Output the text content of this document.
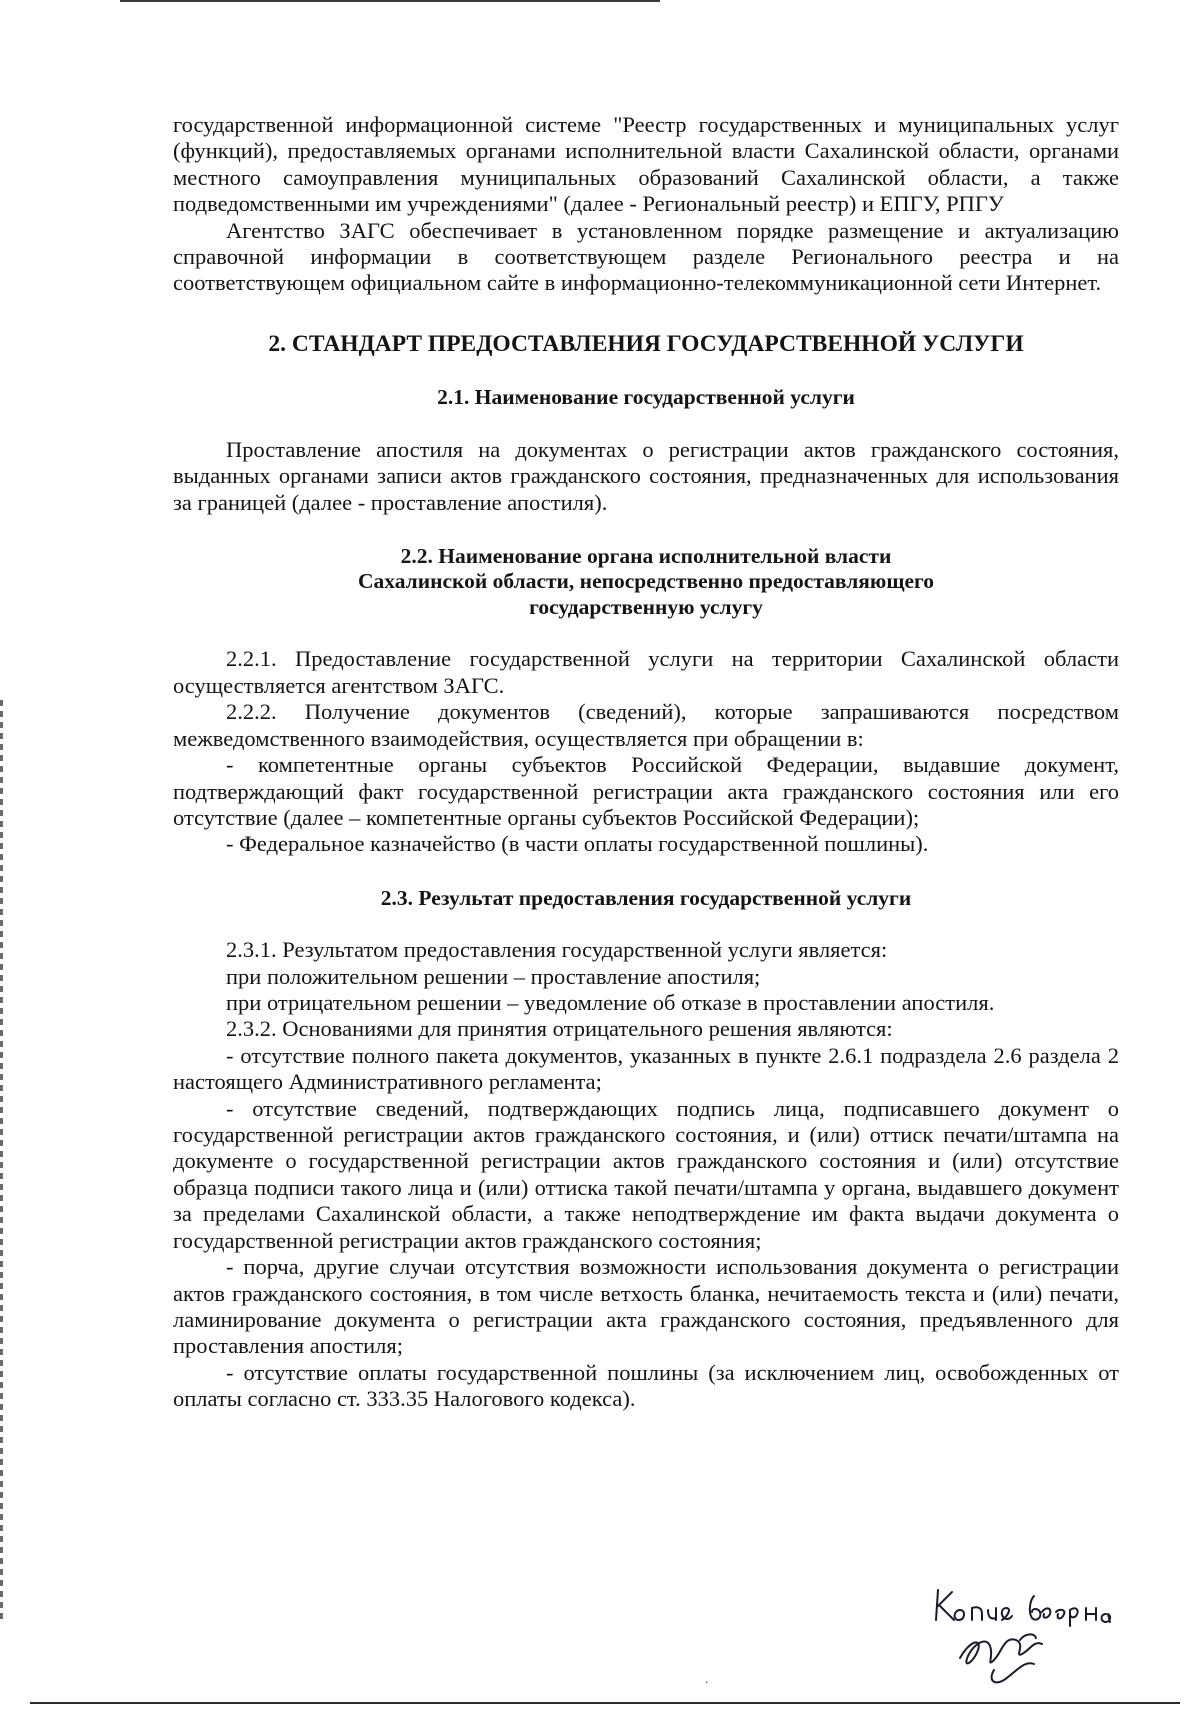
государственной информационной системе "Реестр государственных и муниципальных услуг (функций), предоставляемых органами исполнительной власти Сахалинской области, органами местного самоуправления муниципальных образований Сахалинской области, а также подведомственными им учреждениями" (далее - Региональный реестр) и ЕПГУ, РПГУ

Агентство ЗАГС обеспечивает в установленном порядке размещение и актуализацию справочной информации в соответствующем разделе Регионального реестра и на соответствующем официальном сайте в информационно-телекоммуникационной сети Интернет.

2. СТАНДАРТ ПРЕДОСТАВЛЕНИЯ ГОСУДАРСТВЕННОЙ УСЛУГИ
2.1. Наименование государственной услуги

Проставление апостиля на документах о регистрации актов гражданского состояния, выданных органами записи актов гражданского состояния, предназначенных для использования за границей (далее - проставление апостиля).

2.2. Наименование органа исполнительной власти
Сахалинской области, непосредственно предоставляющего
государственную услугу

2.2.1. Предоставление государственной услуги на территории Сахалинской области осуществляется агентством ЗАГС.

2.2.2. Получение документов (сведений), которые запрашиваются посредством межведомственного взаимодействия, осуществляется при обращении в:

- компетентные органы субъектов Российской Федерации, выдавшие документ, подтверждающий факт государственной регистрации акта гражданского состояния или его отсутствие (далее – компетентные органы субъектов Российской Федерации);

- Федеральное казначейство (в части оплаты государственной пошлины).

2.3. Результат предоставления государственной услуги

2.3.1. Результатом предоставления государственной услуги является:

при положительном решении – проставление апостиля;

при отрицательном решении – уведомление об отказе в проставлении апостиля.

2.3.2. Основаниями для принятия отрицательного решения являются:

- отсутствие полного пакета документов, указанных в пункте 2.6.1 подраздела 2.6 раздела 2 настоящего Административного регламента;

- отсутствие сведений, подтверждающих подпись лица, подписавшего документ о государственной регистрации актов гражданского состояния, и (или) оттиск печати/штампа на документе о государственной регистрации актов гражданского состояния и (или) отсутствие образца подписи такого лица и (или) оттиска такой печати/штампа у органа, выдавшего документ за пределами Сахалинской области, а также неподтверждение им факта выдачи документа о государственной регистрации актов гражданского состояния;

- порча, другие случаи отсутствия возможности использования документа о регистрации актов гражданского состояния, в том числе ветхость бланка, нечитаемость текста и (или) печати, ламинирование документа о регистрации акта гражданского состояния, предъявленного для проставления апостиля;

- отсутствие оплаты государственной пошлины (за исключением лиц, освобожденных от оплаты согласно ст. 333.35 Налогового кодекса).

.
